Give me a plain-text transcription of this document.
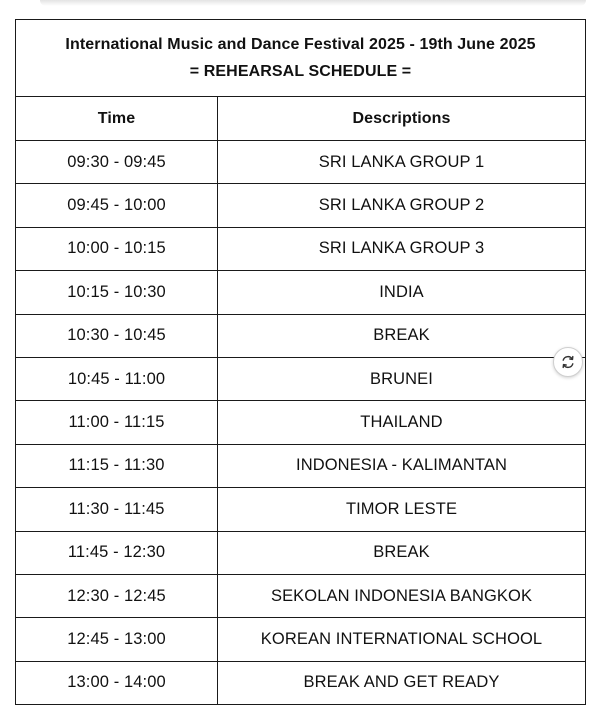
International Music and Dance Festival 2025 - 19th June 2025
= REHEARSAL SCHEDULE =	

Time	Descriptions
09:30 - 09:45	SRI LANKA GROUP 1
09:45 - 10:00	SRI LANKA GROUP 2
10:00 - 10:15	SRI LANKA GROUP 3
10:15 - 10:30	INDIA
10:30 - 10:45	BREAK
10:45 - 11:00	BRUNEI
11:00 - 11:15	THAILAND
11:15 - 11:30	INDONESIA - KALIMANTAN
11:30 - 11:45	TIMOR LESTE
11:45 - 12:30	BREAK
12:30 - 12:45	SEKOLAN INDONESIA BANGKOK
12:45 - 13:00	KOREAN INTERNATIONAL SCHOOL
13:00 - 14:00	BREAK AND GET READY
